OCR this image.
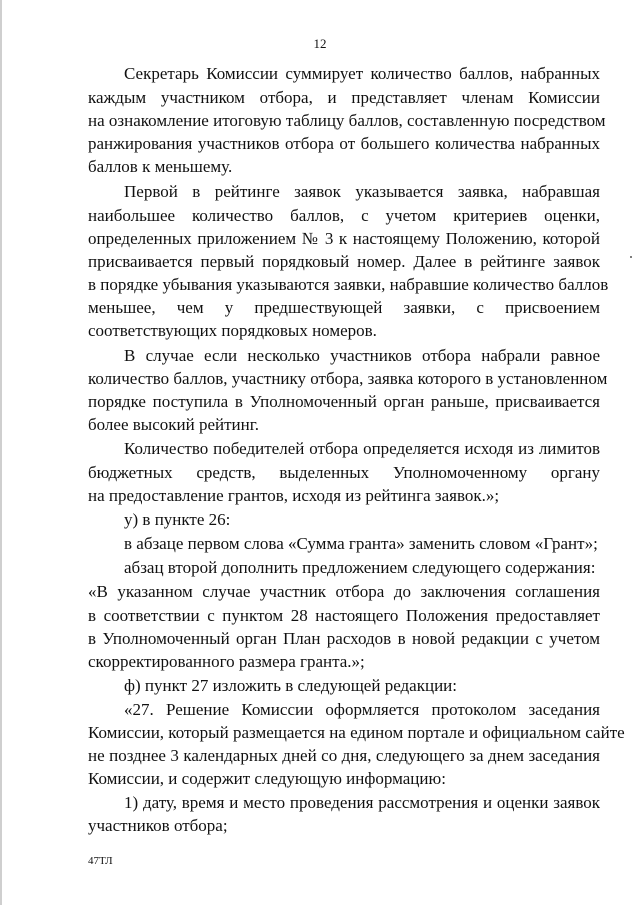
12
Секретарь Комиссии суммирует количество баллов, набранных
каждым участником отбора, и представляет членам Комиссии
на ознакомление итоговую таблицу баллов, составленную посредством
ранжирования участников отбора от большего количества набранных
баллов к меньшему.
Первой в рейтинге заявок указывается заявка, набравшая
наибольшее количество баллов, с учетом критериев оценки,
определенных приложением № 3 к настоящему Положению, которой
присваивается первый порядковый номер. Далее в рейтинге заявок
в порядке убывания указываются заявки, набравшие количество баллов
меньшее, чем у предшествующей заявки, с присвоением
соответствующих порядковых номеров.
В случае если несколько участников отбора набрали равное
количество баллов, участнику отбора, заявка которого в установленном
порядке поступила в Уполномоченный орган раньше, присваивается
более высокий рейтинг.
Количество победителей отбора определяется исходя из лимитов
бюджетных средств, выделенных Уполномоченному органу
на предоставление грантов, исходя из рейтинга заявок.»;
у) в пункте 26:
в абзаце первом слова «Сумма гранта» заменить словом «Грант»;
абзац второй дополнить предложением следующего содержания:
«В указанном случае участник отбора до заключения соглашения
в соответствии с пунктом 28 настоящего Положения предоставляет
в Уполномоченный орган План расходов в новой редакции с учетом
скорректированного размера гранта.»;
ф) пункт 27 изложить в следующей редакции:
«27. Решение Комиссии оформляется протоколом заседания
Комиссии, который размещается на едином портале и официальном сайте
не позднее 3 календарных дней со дня, следующего за днем заседания
Комиссии, и содержит следующую информацию:
1) дату, время и место проведения рассмотрения и оценки заявок
участников отбора;
47ТЛ
